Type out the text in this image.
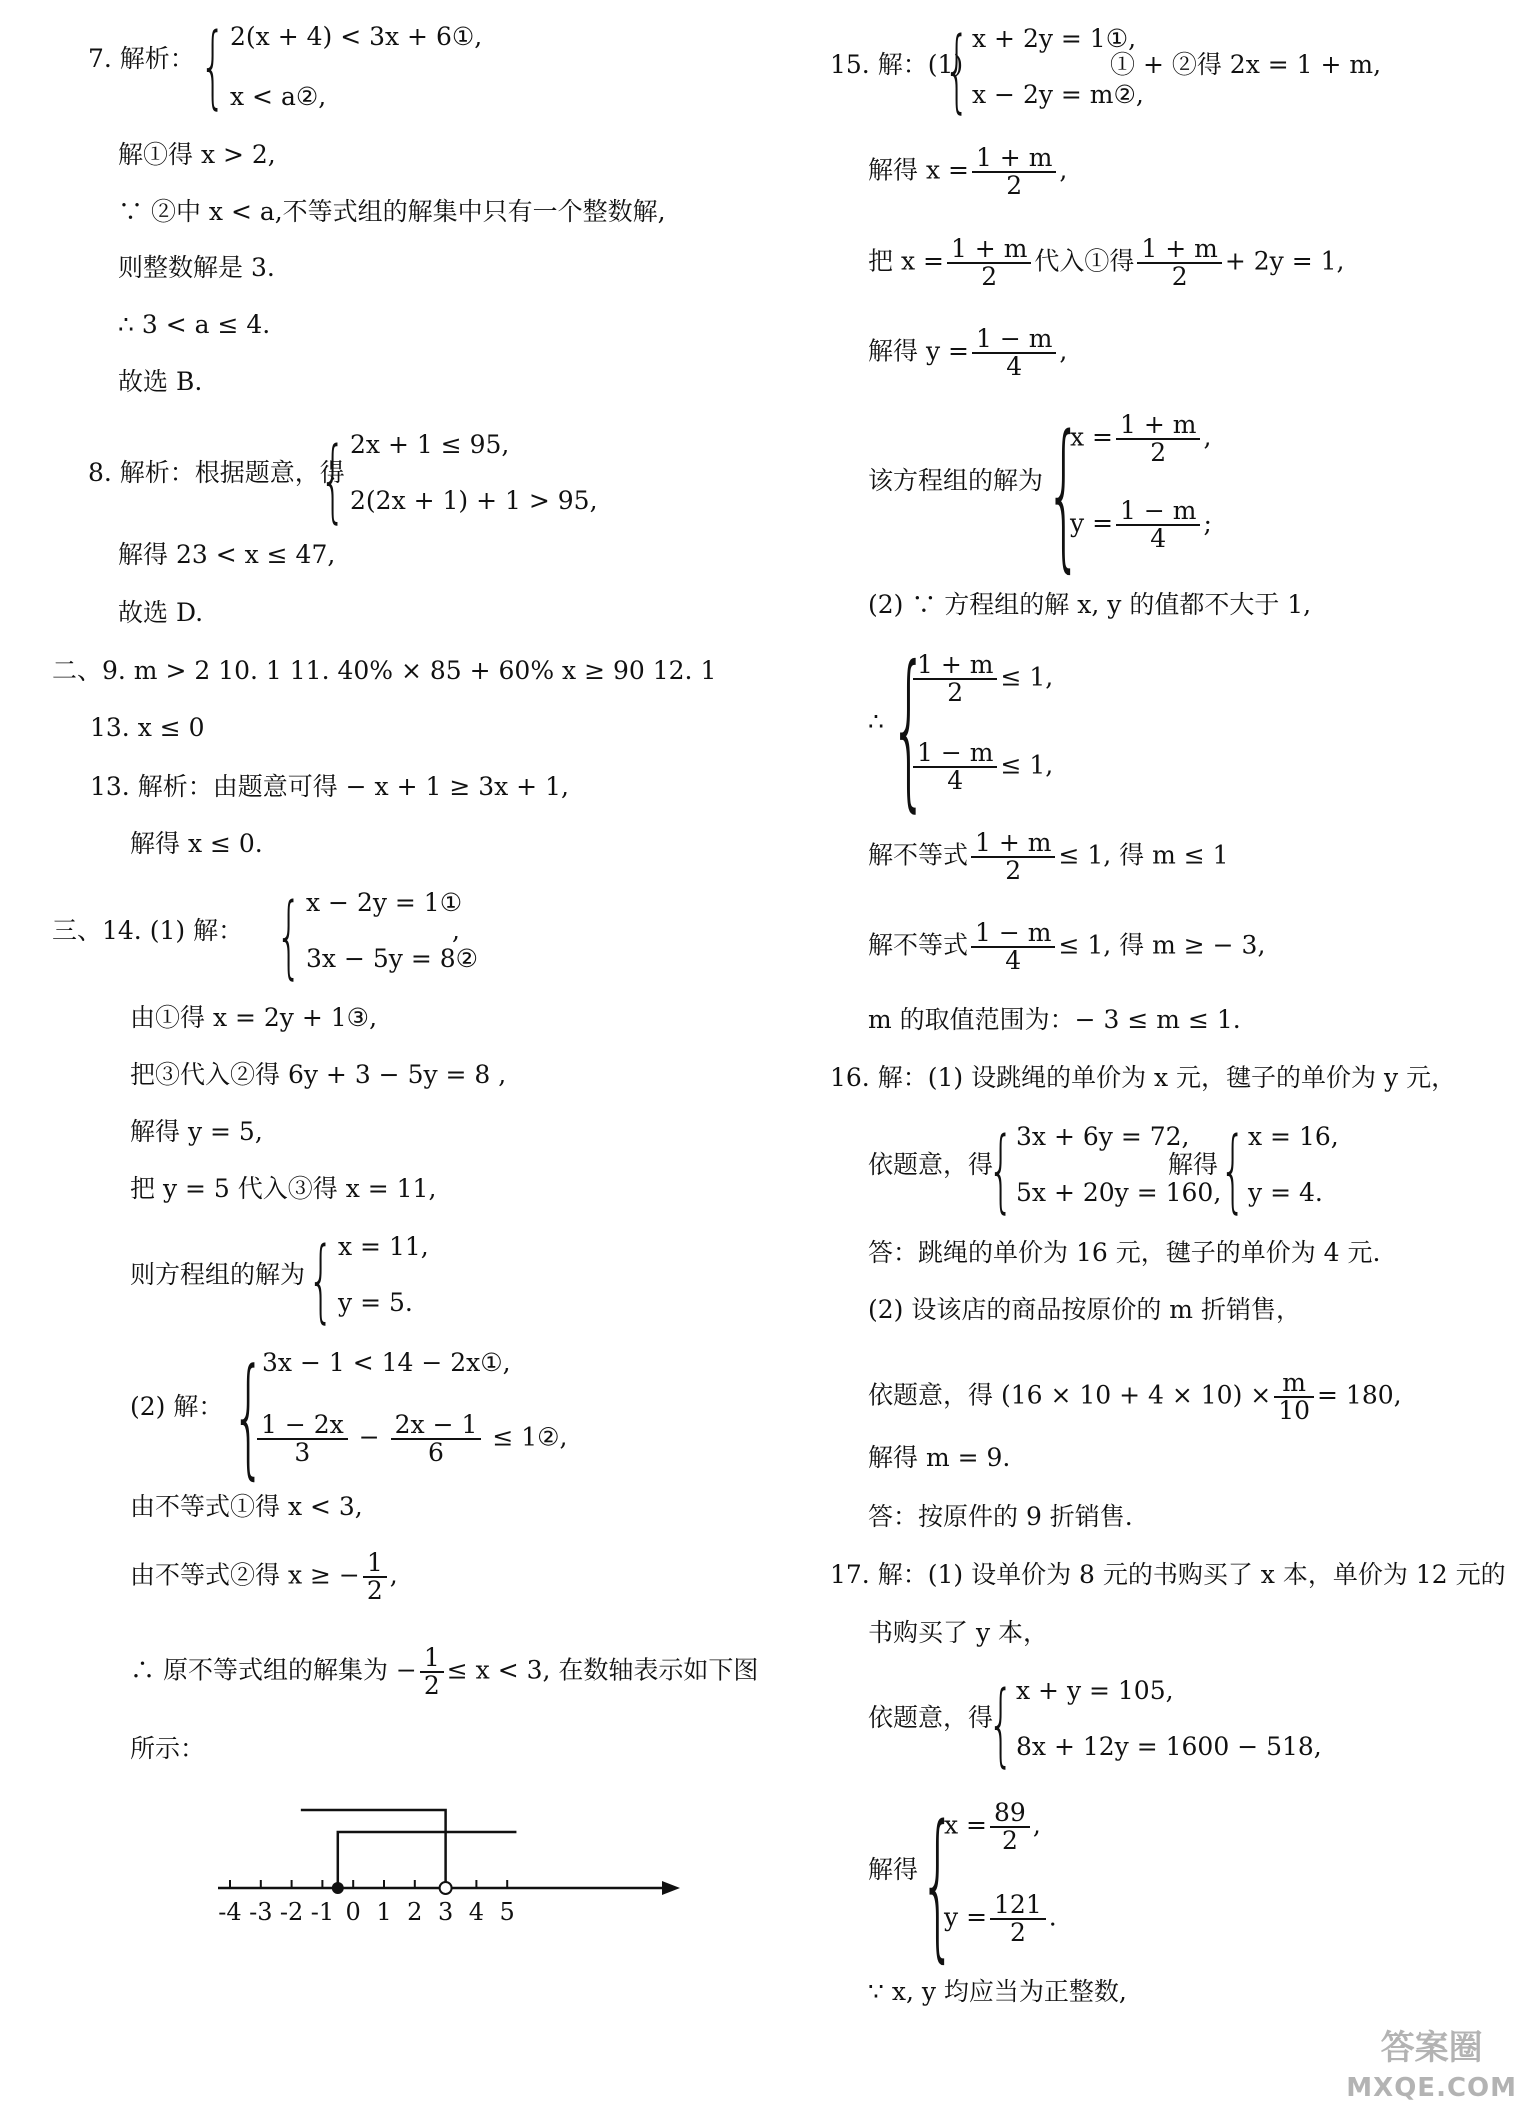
7. 解析： { 2(x + 4) < 3x + 6①,
x < a②,
解①得 x > 2,
∵ ②中 x < a,不等式组的解集中只有一个整数解,
则整数解是 3.
∴ 3 < a ≤ 4.
故选 B.
8. 解析：根据题意，得
{ 2x + 1 ≤ 95,
2(2x + 1) + 1 > 95,
解得 23 < x ≤ 47,
故选 D.
二、9. m > 2 10. 1 11. 40% × 85 + 60% x ≥ 90 12. 1
13. x ≤ 0
13. 解析：由题意可得 − x + 1 ≥ 3x + 1,
解得 x ≤ 0.
三、14. (1) 解： { x − 2y = 1①
3x − 5y = 8②
,
由①得 x = 2y + 1③,
把③代入②得 6y + 3 − 5y = 8 ,
解得 y = 5,
把 y = 5 代入③得 x = 11,
则方程组的解为 { x = 11,
y = 5.
(2) 解： {
3x − 1 < 14 − 2x①,
$\frac{1 - 2x}{3} - \frac{2x - 1}{6}$ ≤ 1②,
由不等式①得 x < 3,
由不等式②得 x ≥ − $\frac{1}{2}$ ,
∴ 原不等式组的解集为 − $\frac{1}{2} \le x < 3$, 在数轴表示如下图
所示：
-4 -3 -2 -1 0 1 2 3 4 5
15. 解：(1)
{ x + 2y = 1①,
x − 2y = m②,
① + ②得 2x = 1 + m,
解得 $x = \frac{1 + m}{2}$ ,
把 $x = \frac{1 + m}{2}$ 代入①得 $\frac{1 + m}{2} + 2y = 1$,
解得 $y = \frac{1 - m}{4}$ ,
该方程组的解为 {
$x = \frac{1 + m}{2}$ ,
$y = \frac{1 - m}{4}$ ;
(2) ∵ 方程组的解 x, y 的值都不大于 1,
∴ {
$\frac{1 + m}{2} \le 1$,
$\frac{1 - m}{4} \le 1$,
解不等式 $\frac{1 + m}{2} \le 1$, 得 m ≤ 1
解不等式 $\frac{1 - m}{4} \le 1$, 得 m ≥ − 3,
m 的取值范围为：− 3 ≤ m ≤ 1.
16. 解：(1) 设跳绳的单价为 x 元，毽子的单价为 y 元，
依题意，得
{ 3x + 6y = 72,
5x + 20y = 160,
解得 { x = 16,
y = 4.
答：跳绳的单价为 16 元，毽子的单价为 4 元.
(2) 设该店的商品按原价的 m 折销售，
依题意，得 $(16 \times 10 + 4 \times 10) \times \frac{m}{10} = 180$,
解得 m = 9.
答：按原件的 9 折销售.
17. 解：(1) 设单价为 8 元的书购买了 x 本，单价为 12 元的
书购买了 y 本，
依题意，得
{ x + y = 105,
8x + 12y = 1600 − 518,
解得 {
$x = \frac{89}{2}$ ,
$y = \frac{121}{2}$ .
∵ x, y 均应当为正整数,
答案圈
MXQE.COM
